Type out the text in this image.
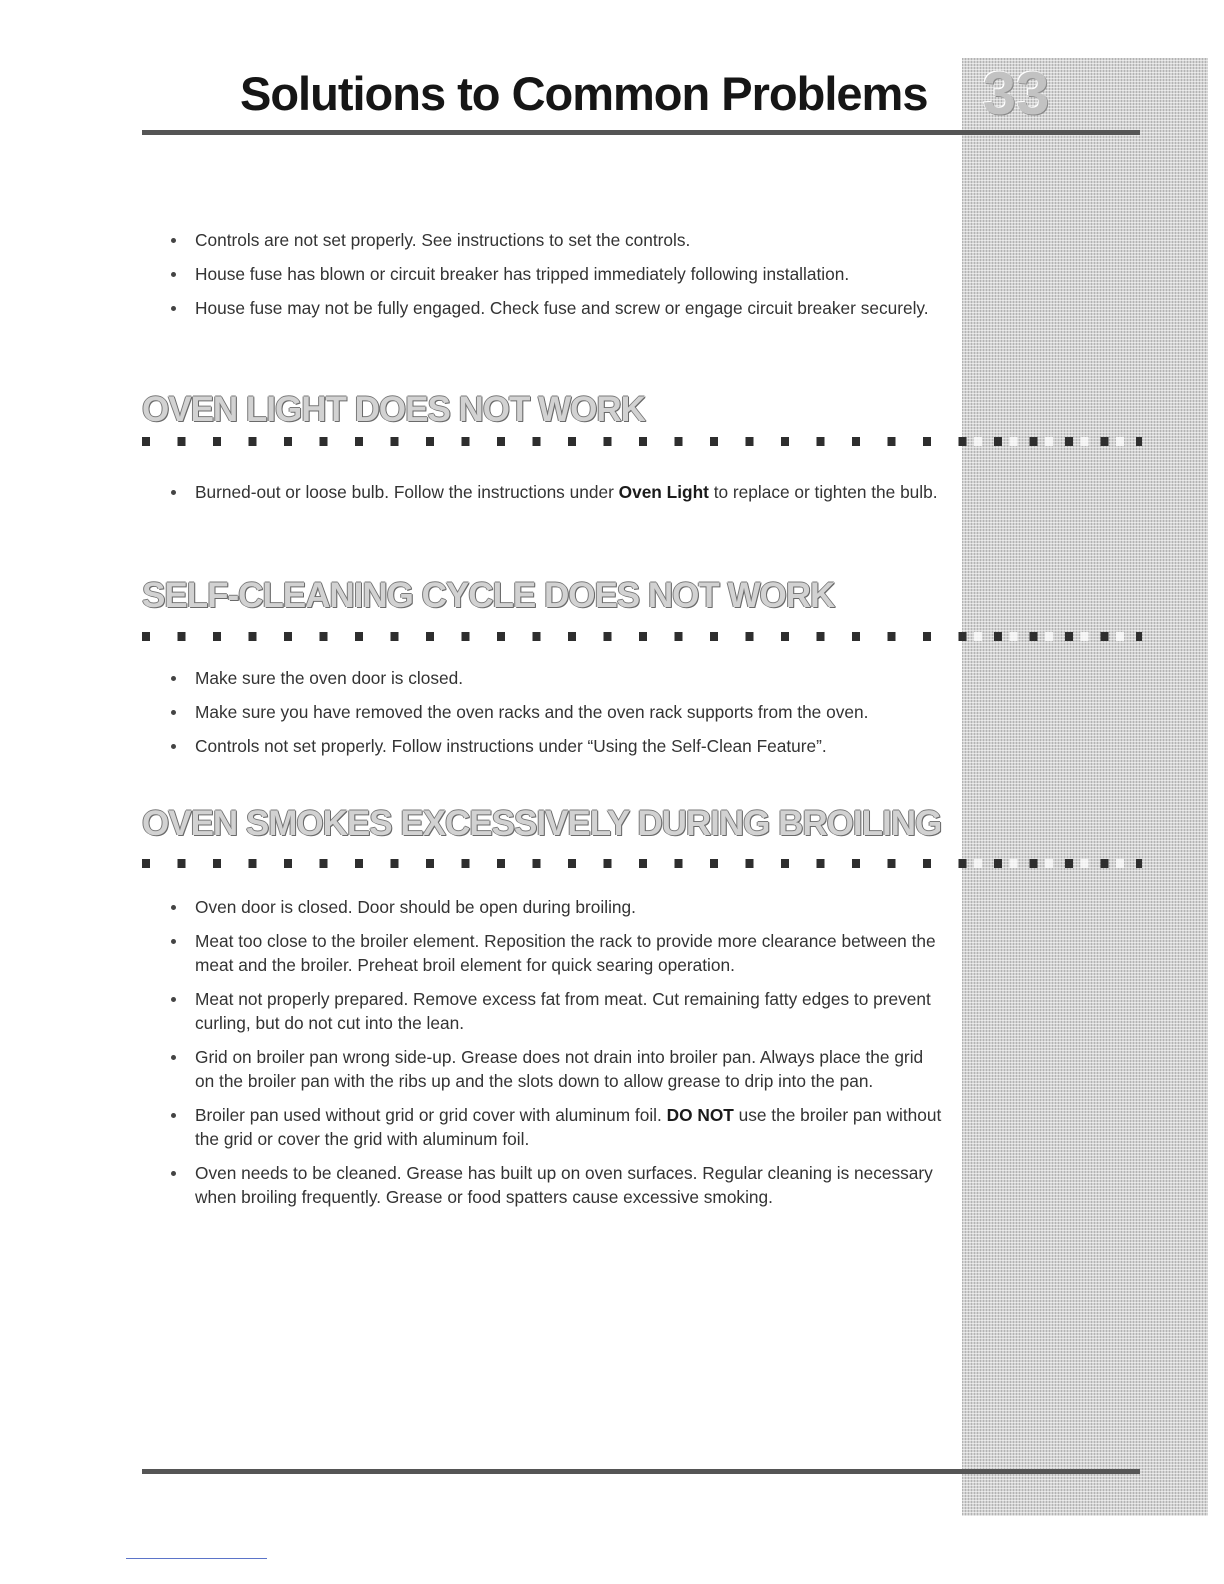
33
Solutions to Common Problems
Controls are not set properly. See instructions to set the controls.
House fuse has blown or circuit breaker has tripped immediately following installation.
House fuse may not be fully engaged. Check fuse and screw or engage circuit breaker securely.
OVEN LIGHT DOES NOT WORK
Burned-out or loose bulb. Follow the instructions under Oven Light to replace or tighten the bulb.
SELF-CLEANING CYCLE DOES NOT WORK
Make sure the oven door is closed.
Make sure you have removed the oven racks and the oven rack supports from the oven.
Controls not set properly. Follow instructions under “Using the Self-Clean Feature”.
OVEN SMOKES EXCESSIVELY DURING BROILING
Oven door is closed. Door should be open during broiling.
Meat too close to the broiler element. Reposition the rack to provide more clearance between the meat and the broiler. Preheat broil element for quick searing operation.
Meat not properly prepared. Remove excess fat from meat. Cut remaining fatty edges to prevent curling, but do not cut into the lean.
Grid on broiler pan wrong side-up. Grease does not drain into broiler pan. Always place the grid on the broiler pan with the ribs up and the slots down to allow grease to drip into the pan.
Broiler pan used without grid or grid cover with aluminum foil. DO NOT use the broiler pan without the grid or cover the grid with aluminum foil.
Oven needs to be cleaned. Grease has built up on oven surfaces. Regular cleaning is necessary when broiling frequently. Grease or food spatters cause excessive smoking.
